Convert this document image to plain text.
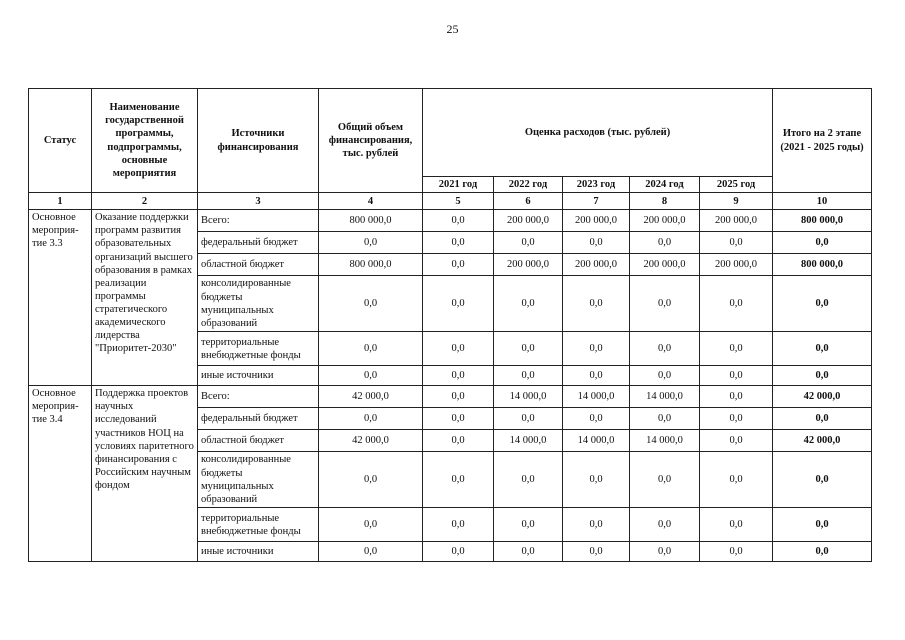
25
Статус	Наименование государственной программы, подпрограммы, основные мероприятия	Источники финансирования	Общий объем финансирования, тыс. рублей	Оценка расходов (тыс. рублей)					Итого на 2 этапе (2021 - 2025 годы)
				2021 год	2022 год	2023 год	2024 год	2025 год	
1	2	3	4	5	6	7	8	9	10
Основное мероприя-тие 3.3	Оказание поддержки программ развития образовательных организаций высшего образования в рамках реализации программы стратегического академического лидерства "Приоритет-2030"	Всего:	800 000,0	0,0	200 000,0	200 000,0	200 000,0	200 000,0	800 000,0
		федеральный бюджет	0,0	0,0	0,0	0,0	0,0	0,0	0,0
		областной бюджет	800 000,0	0,0	200 000,0	200 000,0	200 000,0	200 000,0	800 000,0
		консолидированные бюджеты муниципальных образований	0,0	0,0	0,0	0,0	0,0	0,0	0,0
		территориальные внебюджетные фонды	0,0	0,0	0,0	0,0	0,0	0,0	0,0
		иные источники	0,0	0,0	0,0	0,0	0,0	0,0	0,0
Основное мероприя-тие 3.4	Поддержка проектов научных исследований участников НОЦ на условиях паритетного финансирования с Российским научным фондом	Всего:	42 000,0	0,0	14 000,0	14 000,0	14 000,0	0,0	42 000,0
		федеральный бюджет	0,0	0,0	0,0	0,0	0,0	0,0	0,0
		областной бюджет	42 000,0	0,0	14 000,0	14 000,0	14 000,0	0,0	42 000,0
		консолидированные бюджеты муниципальных образований	0,0	0,0	0,0	0,0	0,0	0,0	0,0
		территориальные внебюджетные фонды	0,0	0,0	0,0	0,0	0,0	0,0	0,0
		иные источники	0,0	0,0	0,0	0,0	0,0	0,0	0,0
